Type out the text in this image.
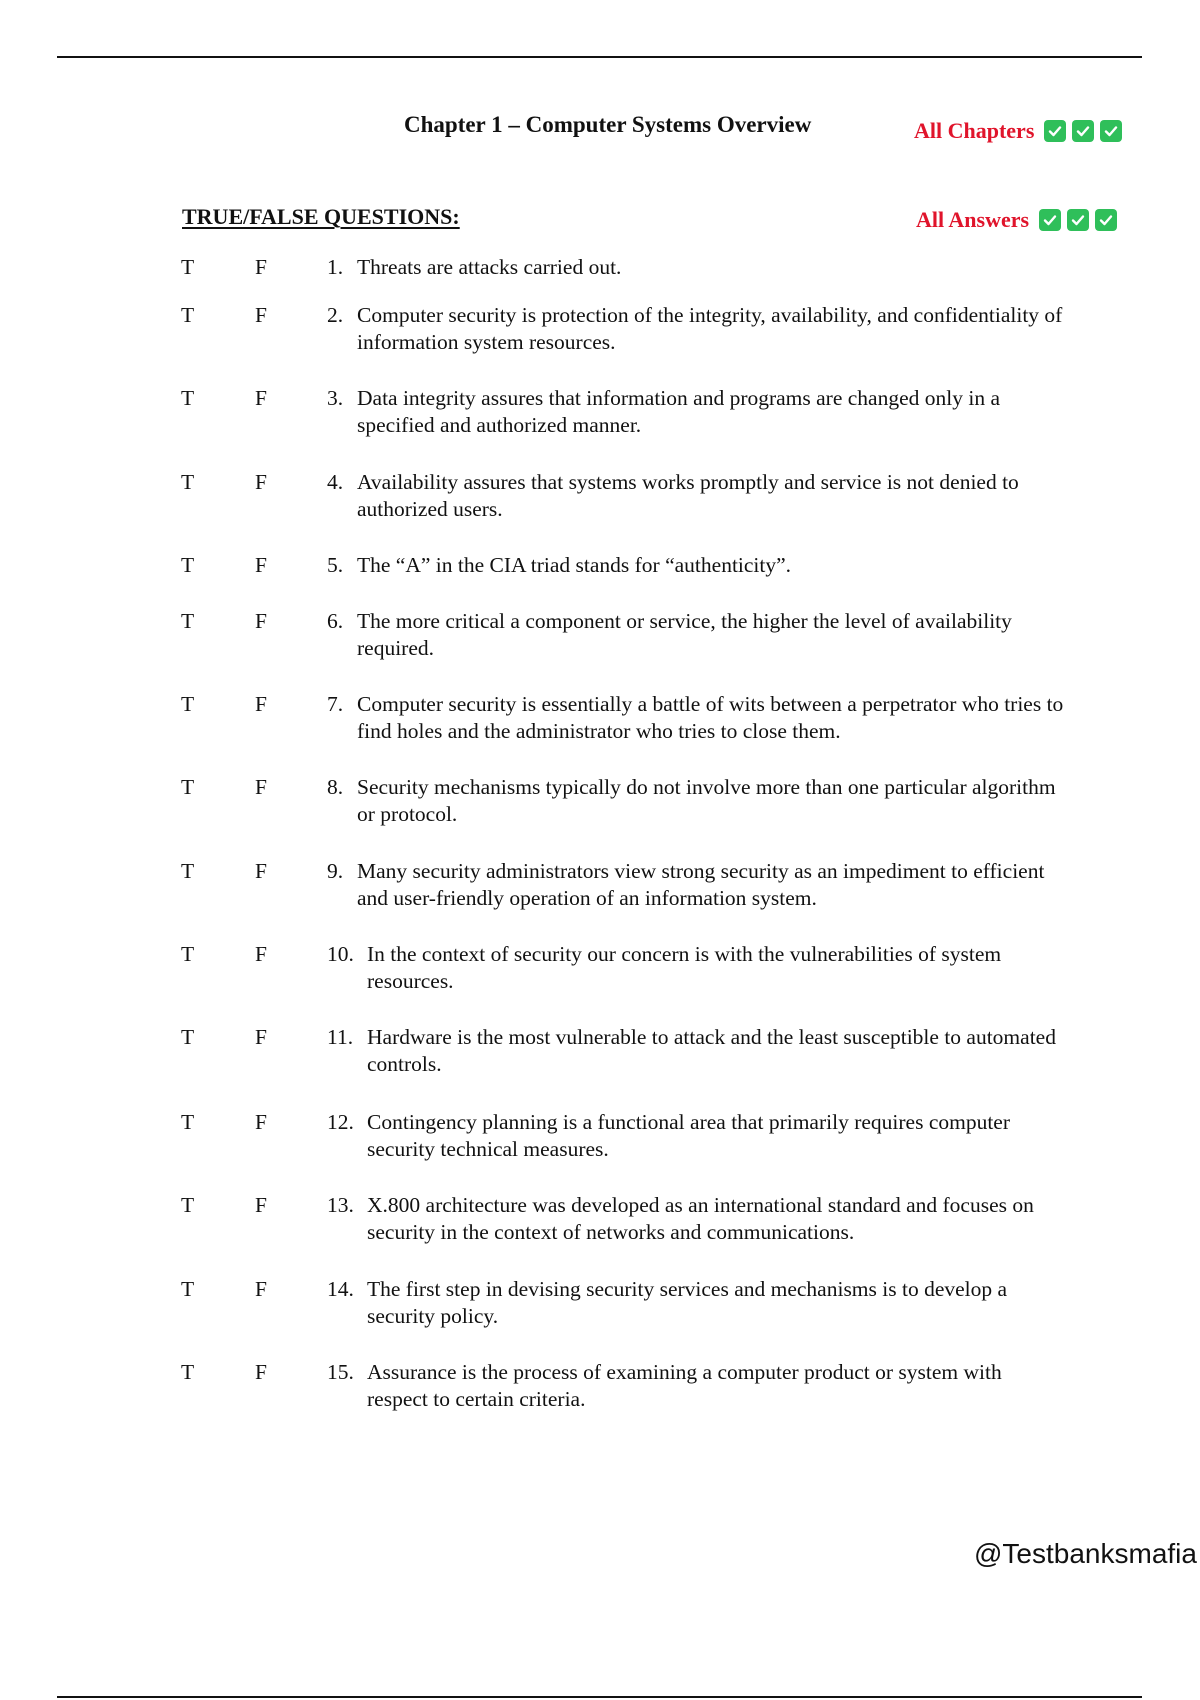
Chapter 1 – Computer Systems Overview	All Chapters
TRUE/FALSE QUESTIONS:	All Answers
T	F	1. Threats are attacks carried out.
T	F	2. Computer security is protection of the integrity, availability, and confidentiality of information system resources.
T	F	3. Data integrity assures that information and programs are changed only in a specified and authorized manner.
T	F	4. Availability assures that systems works promptly and service is not denied to authorized users.
T	F	5. The “A” in the CIA triad stands for “authenticity”.
T	F	6. The more critical a component or service, the higher the level of availability required.
T	F	7. Computer security is essentially a battle of wits between a perpetrator who tries to find holes and the administrator who tries to close them.
T	F	8. Security mechanisms typically do not involve more than one particular algorithm or protocol.
T	F	9. Many security administrators view strong security as an impediment to efficient and user-friendly operation of an information system.
T	F	10. In the context of security our concern is with the vulnerabilities of system resources.
T	F	11. Hardware is the most vulnerable to attack and the least susceptible to automated controls.
T	F	12. Contingency planning is a functional area that primarily requires computer security technical measures.
T	F	13. X.800 architecture was developed as an international standard and focuses on security in the context of networks and communications.
T	F	14. The first step in devising security services and mechanisms is to develop a security policy.
T	F	15. Assurance is the process of examining a computer product or system with respect to certain criteria.
@Testbanksmafia
